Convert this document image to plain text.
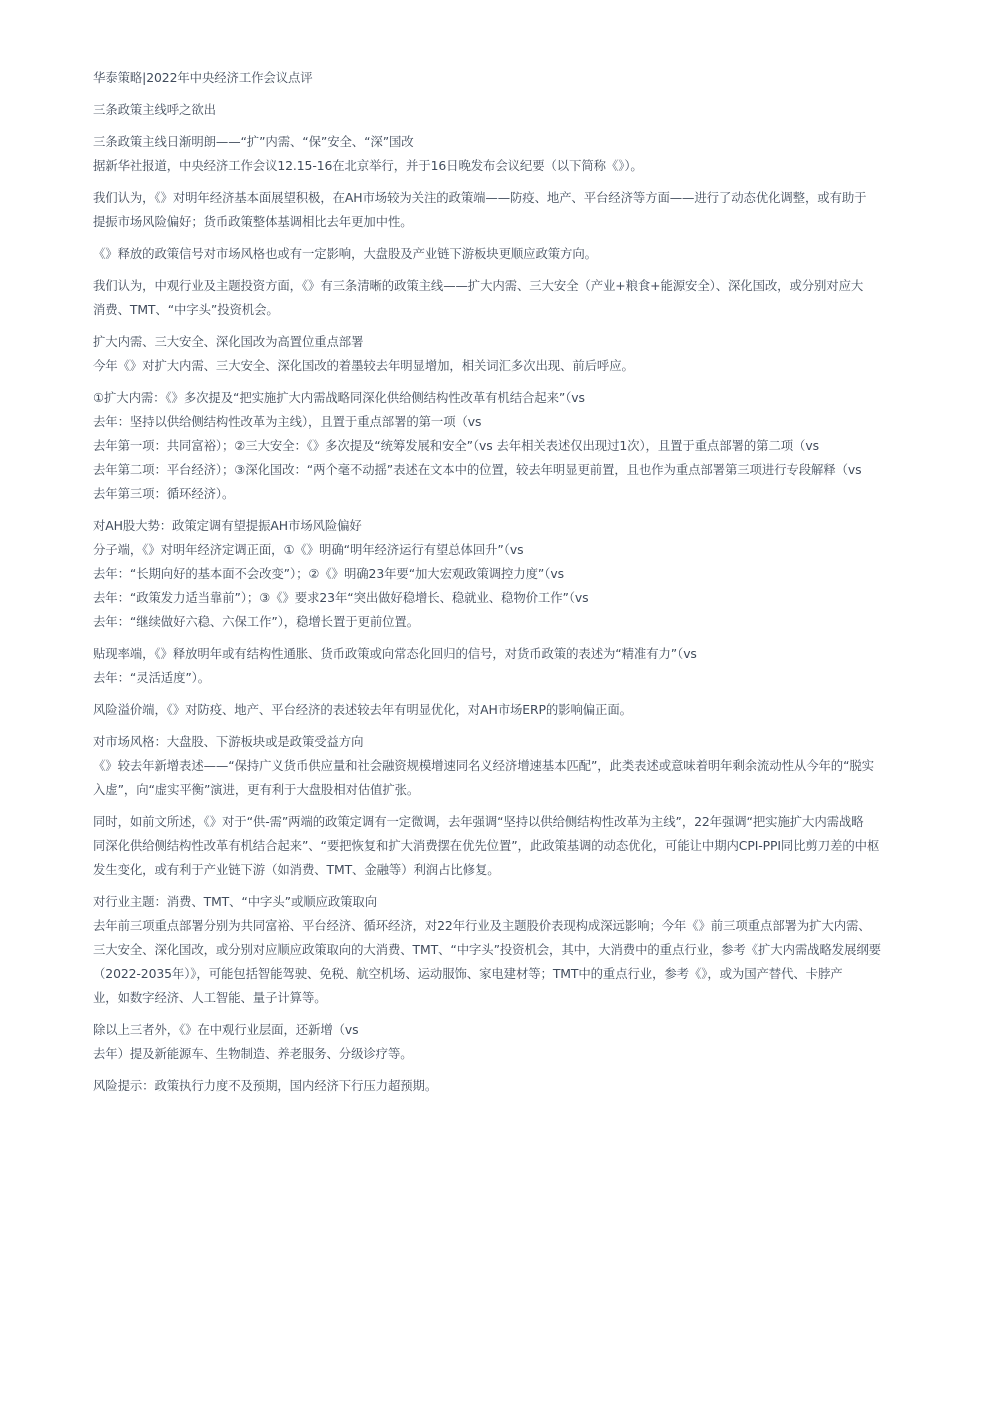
华泰策略|2022年中央经济工作会议点评
三条政策主线呼之欲出
三条政策主线日渐明朗——“扩”内需、“保”安全、“深”国改
据新华社报道，中央经济工作会议12.15-16在北京举行，并于16日晚发布会议纪要（以下简称《》）。
我们认为，《》对明年经济基本面展望积极，在AH市场较为关注的政策端——防疫、地产、平台经济等方面——进行了动态优化调整，或有助于
提振市场风险偏好；货币政策整体基调相比去年更加中性。
《》释放的政策信号对市场风格也或有一定影响，大盘股及产业链下游板块更顺应政策方向。
我们认为，中观行业及主题投资方面，《》有三条清晰的政策主线——扩大内需、三大安全（产业+粮食+能源安全）、深化国改，或分别对应大
消费、TMT、“中字头”投资机会。
扩大内需、三大安全、深化国改为高置位重点部署
今年《》对扩大内需、三大安全、深化国改的着墨较去年明显增加，相关词汇多次出现、前后呼应。
①扩大内需：《》多次提及“把实施扩大内需战略同深化供给侧结构性改革有机结合起来”（vs
去年：坚持以供给侧结构性改革为主线），且置于重点部署的第一项（vs
去年第一项：共同富裕）；②三大安全：《》多次提及“统筹发展和安全”（vs 去年相关表述仅出现过1次），且置于重点部署的第二项（vs
去年第二项：平台经济）；③深化国改：“两个毫不动摇”表述在文本中的位置，较去年明显更前置，且也作为重点部署第三项进行专段解释（vs
去年第三项：循环经济）。
对AH股大势：政策定调有望提振AH市场风险偏好
分子端，《》对明年经济定调正面，①《》明确“明年经济运行有望总体回升”（vs
去年：“长期向好的基本面不会改变”）；②《》明确23年要“加大宏观政策调控力度”（vs
去年：“政策发力适当靠前”）；③《》要求23年“突出做好稳增长、稳就业、稳物价工作”（vs
去年：“继续做好六稳、六保工作”），稳增长置于更前位置。
贴现率端，《》释放明年或有结构性通胀、货币政策或向常态化回归的信号，对货币政策的表述为“精准有力”（vs
去年：“灵活适度”）。
风险溢价端，《》对防疫、地产、平台经济的表述较去年有明显优化，对AH市场ERP的影响偏正面。
对市场风格：大盘股、下游板块或是政策受益方向
《》较去年新增表述——“保持广义货币供应量和社会融资规模增速同名义经济增速基本匹配”，此类表述或意味着明年剩余流动性从今年的“脱实
入虚”，向“虚实平衡”演进，更有利于大盘股相对估值扩张。
同时，如前文所述，《》对于“供-需”两端的政策定调有一定微调，去年强调“坚持以供给侧结构性改革为主线”，22年强调“把实施扩大内需战略
同深化供给侧结构性改革有机结合起来”、“要把恢复和扩大消费摆在优先位置”，此政策基调的动态优化，可能让中期内CPI-PPI同比剪刀差的中枢
发生变化，或有利于产业链下游（如消费、TMT、金融等）利润占比修复。
对行业主题：消费、TMT、“中字头”或顺应政策取向
去年前三项重点部署分别为共同富裕、平台经济、循环经济，对22年行业及主题股价表现构成深远影响；今年《》前三项重点部署为扩大内需、
三大安全、深化国改，或分别对应顺应政策取向的大消费、TMT、“中字头”投资机会，其中，大消费中的重点行业，参考《扩大内需战略发展纲要
（2022-2035年）》，可能包括智能驾驶、免税、航空机场、运动服饰、家电建材等；TMT中的重点行业，参考《》，或为国产替代、卡脖产
业，如数字经济、人工智能、量子计算等。
除以上三者外，《》在中观行业层面，还新增（vs
去年）提及新能源车、生物制造、养老服务、分级诊疗等。
风险提示：政策执行力度不及预期，国内经济下行压力超预期。
